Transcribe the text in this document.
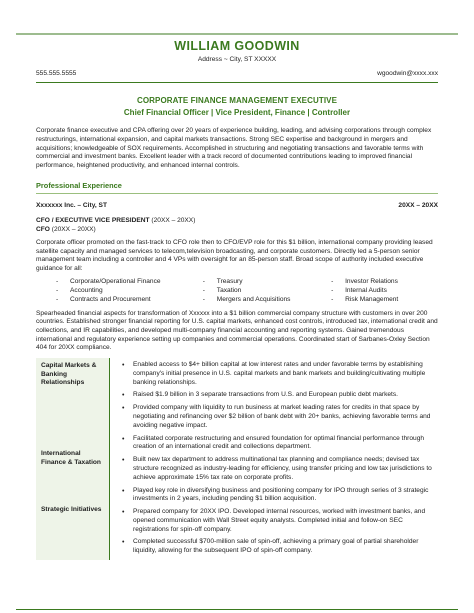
WILLIAM GOODWIN
Address ~ City, ST XXXXX
555.555.5555	wgoodwin@xxxx.xxx
CORPORATE FINANCE MANAGEMENT EXECUTIVE
Chief Financial Officer | Vice President, Finance | Controller

Corporate finance executive and CPA offering over 20 years of experience building, leading, and advising corporations through complex restructurings, international expansion, and capital markets transactions. Strong SEC expertise and background in mergers and acquisitions; knowledgeable of SOX requirements. Accomplished in structuring and negotiating transactions and favorable terms with commercial and investment banks. Excellent leader with a track record of documented contributions leading to improved financial performance, heightened productivity, and enhanced internal controls.

Professional Experience
Xxxxxxx Inc. – City, ST	20XX – 20XX
CFO / EXECUTIVE VICE PRESIDENT (20XX – 20XX)
CFO (20XX – 20XX)

Corporate officer promoted on the fast-track to CFO role then to CFO/EVP role for this $1 billion, international company providing leased satellite capacity and managed services to telecom,television broadcasting, and corporate customers. Directly led a 5-person senior management team including a controller and 4 VPs with oversight for an 85-person staff. Broad scope of authority included executive guidance for all:

- Corporate/Operational Finance
- Accounting
- Contracts and Procurement
- Treasury
- Taxation
- Mergers and Acquisitions
- Investor Relations
- Internal Audits
- Risk Management

Spearheaded financial aspects for transformation of Xxxxxx into a $1 billion commercial company structure with customers in over 200 countries. Established stronger financial reporting for U.S. capital markets, enhanced cost controls, introduced tax, international credit and collections, and IR capabilities, and developed multi-company financial accounting and reporting systems. Gained tremendous international and regulatory experience setting up companies and commercial operations. Coordinated start of Sarbanes-Oxley Section 404 for 20XX compliance.

Capital Markets & Banking Relationships
International Finance & Taxation
Strategic Initiatives
• Enabled access to $4+ billion capital at low interest rates and under favorable terms by establishing company's initial presence in U.S. capital markets and bank markets and building/cultivating multiple banking relationships.
• Raised $1.9 billion in 3 separate transactions from U.S. and European public debt markets.
• Provided company with liquidity to run business at market leading rates for credits in that space by negotiating and refinancing over $2 billion of bank debt with 20+ banks, achieving favorable terms and avoiding negative impact.
• Facilitated corporate restructuring and ensured foundation for optimal financial performance through creation of an international credit and collections department.
• Built new tax department to address multinational tax planning and compliance needs; devised tax structure recognized as industry-leading for efficiency, using transfer pricing and low tax jurisdictions to achieve approximate 15% tax rate on corporate profits.
• Played key role in diversifying business and positioning company for IPO through series of 3 strategic investments in 2 years, including pending $1 billion acquisition.
• Prepared company for 20XX IPO. Developed internal resources, worked with investment banks, and opened communication with Wall Street equity analysts. Completed initial and follow-on SEC registrations for spin-off company.
• Completed successful $700-million sale of spin-off, achieving a primary goal of partial shareholder liquidity, allowing for the subsequent IPO of spin-off company.
